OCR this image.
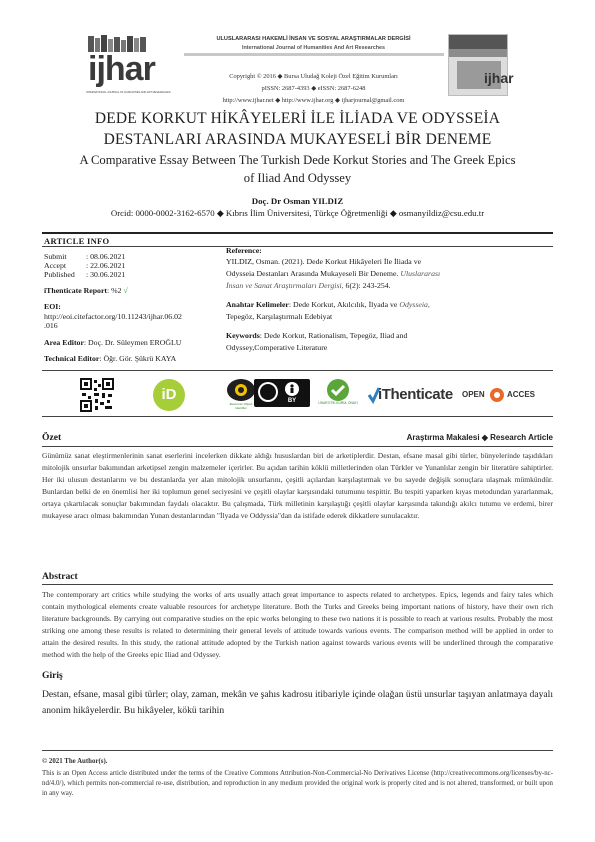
ijhar
INTERNATIONAL JOURNAL OF HUMANITIES AND ART RESEARCHES
ULUSLARARASI HAKEMLİ İNSAN VE SOSYAL ARAŞTIRMALAR DERGİSİ
International Journal of Humanities And Art Researches
Copyright © 2016 ◆ Bursa Uludağ Koleji Özel Eğitim Kurumları
pISSN: 2687-4393 ◆ eISSN: 2687-6248
http://www.ijhar.net ◆ http://www.ijhar.org ◆ ijharjournal@gmail.com
ijhar
DEDE KORKUT HİKÂYELERİ İLE İLİADA VE ODYSSEİA
DESTANLARI ARASINDA MUKAYESELİ BİR DENEME
A Comparative Essay Between The Turkish Dede Korkut Stories and The Greek Epics
of Iliad And Odyssey
Doç. Dr Osman YILDIZ
Orcid: 0000-0002-3162-6570 ◆ Kıbrıs İlim Üniversitesi, Türkçe Öğretmenliği ◆ osmanyildiz@csu.edu.tr
ARTICLE INFO
Submit : 08.06.2021
Accept	: 22.06.2021
Published : 30.06.2021
iThenticate Report: %2 √
EOI:
http://eoi.citefactor.org/10.11243/ijhar.06.02
.016
Area Editor: Doç. Dr. Süleymen EROĞLU
Technical Editor: Öğr. Gör. Şükrü KAYA
Reference:
YILDIZ, Osman. (2021). Dede Korkut Hikâyeleri İle İliada ve
Odysseia Destanları Arasında Mukayeseli Bir Deneme. Uluslararası
İnsan ve Sanat Araştırmaları Dergisi, 6(2): 243-254.
Anahtar Kelimeler: Dede Korkut, Akılcılık, İlyada ve Odysseia,
Tepegöz, Karşılaştırmalı Edebiyat
Keywords: Dede Korkut, Rationalism, Tepegöz, Iliad and
Odyssey,Comperative Literature
iD
Electronic Object Identifier
BY	İJHAR ETİK KURUL ONAYI iThenticate OPEN	ACCES
Özet	Araştırma Makalesi ◆ Research Article
Günümüz sanat eleştirmenlerinin sanat eserlerini incelerken dikkate aldığı hususlardan biri de arketiplerdir. Destan, efsane masal gibi türler, bünyelerinde taşıdıkları mitolojik unsurlar bakımından arketipsel zengin malzemeler içerirler. Bu açıdan tarihin köklü milletlerinden olan Türkler ve Yunanlılar zengin bir literatüre sahiptirler. Her iki ulusun destanlarını ve bu destanlarda yer alan mitolojik unsurlarını, çeşitli açılardan karşılaştırmak ve bu sayede değişik sonuçlara ulaşmak mümkündür. Bunlardan belki de en önemlisi her iki toplumun genel seciyesini ve çeşitli olaylar karşısındaki tutumunu tespittir. Bu tespiti yaparken kıyas metodundan yararlanmak, ortaya çıkartılacak sonuçlar bakımından faydalı olacaktır. Bu çalışmada, Türk milletinin karşılaştığı çeşitli olaylar karşısında takındığı akılcı tutumu ve erdemi, birer mukayese aracı olması bakımından Yunan destanlarından "İlyada ve Oddyssia"dan da istifade ederek dikkatlere sunulacaktır.
Abstract
The contemporary art critics while studying the works of arts usually attach great importance to aspects related to archetypes. Epics, legends and fairy tales which contain mythological elements create valuable resources for archetype literature. Both the Turks and Greeks being important nations of history, have their own rich literature backgrounds. By carrying out comparative studies on the epic works belonging to these two nations it is possible to reach at various results. Probably the most striking one among these results is related to determining their general levels of attitude towards various events. The comparison method will be applied in order to attain the desired results. In this study, the rational attitude adopted by the Turkish nation against towards various events will be underlined through the comparative method with the help of the Greeks epic Iliad and Odyssey.
Giriş
Destan, efsane, masal gibi türler; olay, zaman, mekân ve şahıs kadrosu itibariyle içinde olağan üstü unsurlar taşıyan anlatmaya dayalı anonim hikâyelerdir. Bu hikâyeler, kökü tarihin
© 2021 The Author(s).
This is an Open Access article distributed under the terms of the Creative Commons Attribution-Non-Commercial-No Derivatives License (http://creativecommons.org/licenses/by-nc-nd/4.0/), which permits non-commercial re-use, distribution, and reproduction in any medium provided the original work is properly cited and is not altered, transformed, or built upon in any way.
